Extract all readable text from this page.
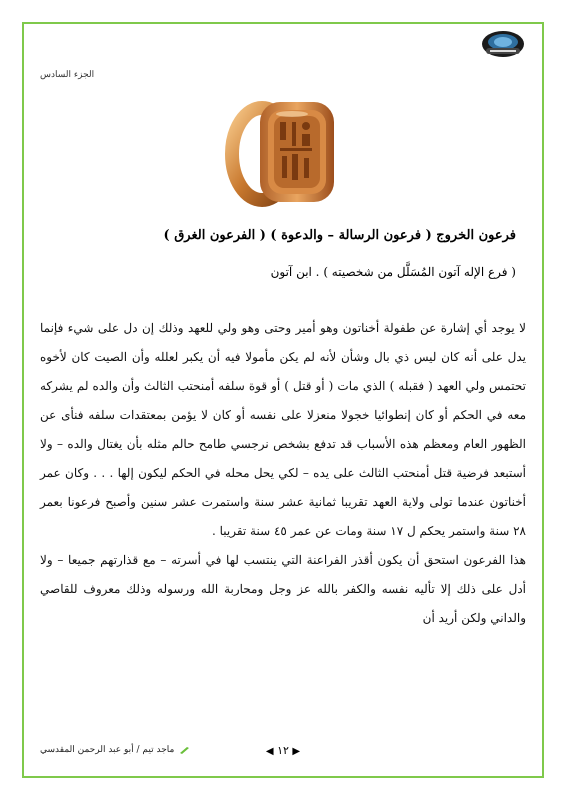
الجزء السادس
فرعون الخروج ( فرعون الرسالة – والدعوة ) ( الفرعون الغرق )
( فرع الإله آتون المُسَلَّل من شخصيته ) . ابن آتون

لا يوجد أي إشارة عن طفولة أخناتون وهو أمير وحتى وهو ولي للعهد وذلك إن دل على شيء فإنما يدل على أنه كان ليس ذي بال وشأن لأنه لم يكن مأمولا فيه أن يكبر لعلله وأن الصيت كان لأخوه تحتمس ولي العهد ( فقبله ) الذي مات ( أو قتل ) أو قوة سلفه أمنحتب الثالث وأن والده لم يشركه معه في الحكم أو كان إنطوائيا خجولا منعزلا على نفسه أو كان لا يؤمن بمعتقدات سلفه فنأى عن الظهور العام ومعظم هذه الأسباب قد تدفع بشخص نرجسي طامح حالم مثله بأن يغتال والده – ولا أستبعد فرضية قتل أمنحتب الثالث على يده – لكي يحل محله في الحكم ليكون إلها . . . وكان عمر أخناتون عندما تولى ولاية العهد تقريبا ثمانية عشر سنة واستمرت عشر سنين وأصبح فرعونا بعمر ٢٨ سنة واستمر يحكم ل ١٧ سنة ومات عن عمر ٤٥ سنة تقريبا .

هذا الفرعون استحق أن يكون أقذر الفراعنة التي ينتسب لها في أسرته – مع قذارتهم جميعا – ولا أدل على ذلك إلا تأليه نفسه والكفر بالله عز وجل ومحاربة الله ورسوله وذلك معروف للقاصي والداني ولكن أريد أن

▶ ١٢ ◀
ماجد تيم / أبو عبد الرحمن المقدسي
